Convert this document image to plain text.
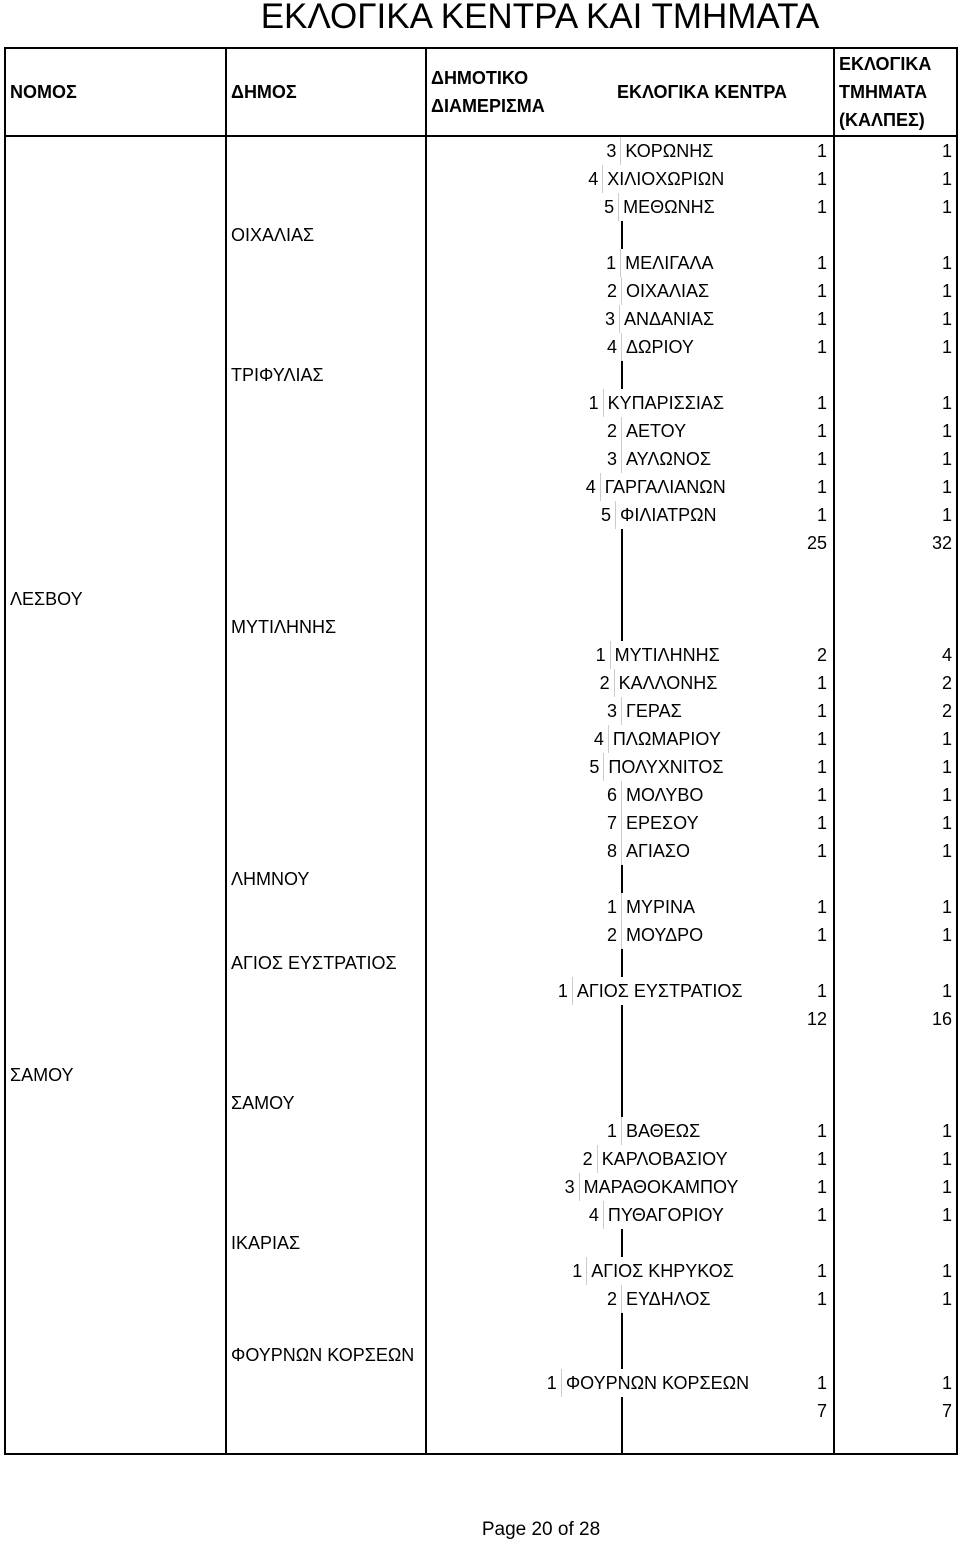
ΕΚΛΟΓΙΚΑ ΚΕΝΤΡΑ ΚΑΙ ΤΜΗΜΑΤΑ
ΝΟΜΟΣ	ΔΗΜΟΣ	ΔΗΜΟΤΙΚΟ ΔΙΑΜΕΡΙΣΜΑ
ΕΚΛΟΓΙΚΑ ΚΕΝΤΡΑ	ΕΚΛΟΓΙΚΑ ΤΜΗΜΑΤΑ (ΚΑΛΠΕΣ)

		3 ΚΟΡΩΝΗΣ 1	1

		4 ΧΙΛΙΟΧΩΡΙΩΝ 1	1

		5 ΜΕΘΩΝΗΣ 1	1
	ΟΙΧΑΛΙΑΣ	

		1 ΜΕΛΙΓΑΛΑ 1	1

		2 ΟΙΧΑΛΙΑΣ 1	1

		3 ΑΝΔΑΝΙΑΣ 1	1

		4 ΔΩΡΙΟΥ 1	1
	ΤΡΙΦΥΛΙΑΣ	

		1 ΚΥΠΑΡΙΣΣΙΑΣ 1	1

		2 ΑΕΤΟΥ 1	1

		3 ΑΥΛΩΝΟΣ 1	1

		4 ΓΑΡΓΑΛΙΑΝΩΝ 1	1

		5 ΦΙΛΙΑΤΡΩΝ 1	1

		25	32

ΛΕΣΒΟΥ		

	ΜΥΤΙΛΗΝΗΣ	

		1 ΜΥΤΙΛΗΝΗΣ 2	4

		2 ΚΑΛΛΟΝΗΣ 1	2

		3 ΓΕΡΑΣ 1	2

		4 ΠΛΩΜΑΡΙΟΥ 1	1

		5 ΠΟΛΥΧΝΙΤΟΣ 1	1

		6 ΜΟΛΥΒΟ 1	1

		7 ΕΡΕΣΟΥ 1	1

		8 ΑΓΙΑΣΟ 1	1
	ΛΗΜΝΟΥ	

		1 ΜΥΡΙΝΑ 1	1

		2 ΜΟΥΔΡΟ 1	1
	ΑΓΙΟΣ ΕΥΣΤΡΑΤΙΟΣ	

		1 ΑΓΙΟΣ ΕΥΣΤΡΑΤΙΟΣ 1	1

		12	16

ΣΑΜΟΥ		

	ΣΑΜΟΥ	

		1 ΒΑΘΕΩΣ 1	1

		2 ΚΑΡΛΟΒΑΣΙΟΥ 1	1

		3 ΜΑΡΑΘΟΚΑΜΠΟΥ 1	1

		4 ΠΥΘΑΓΟΡΙΟΥ 1	1
	ΙΚΑΡΙΑΣ	

		1 ΑΓΙΟΣ ΚΗΡΥΚΟΣ 1	1

		2 ΕΥΔΗΛΟΣ 1	1

	ΦΟΥΡΝΩΝ ΚΟΡΣΕΩΝ	

		1 ΦΟΥΡΝΩΝ ΚΟΡΣΕΩΝ 1	1

		7	7

Page 20 of 28
